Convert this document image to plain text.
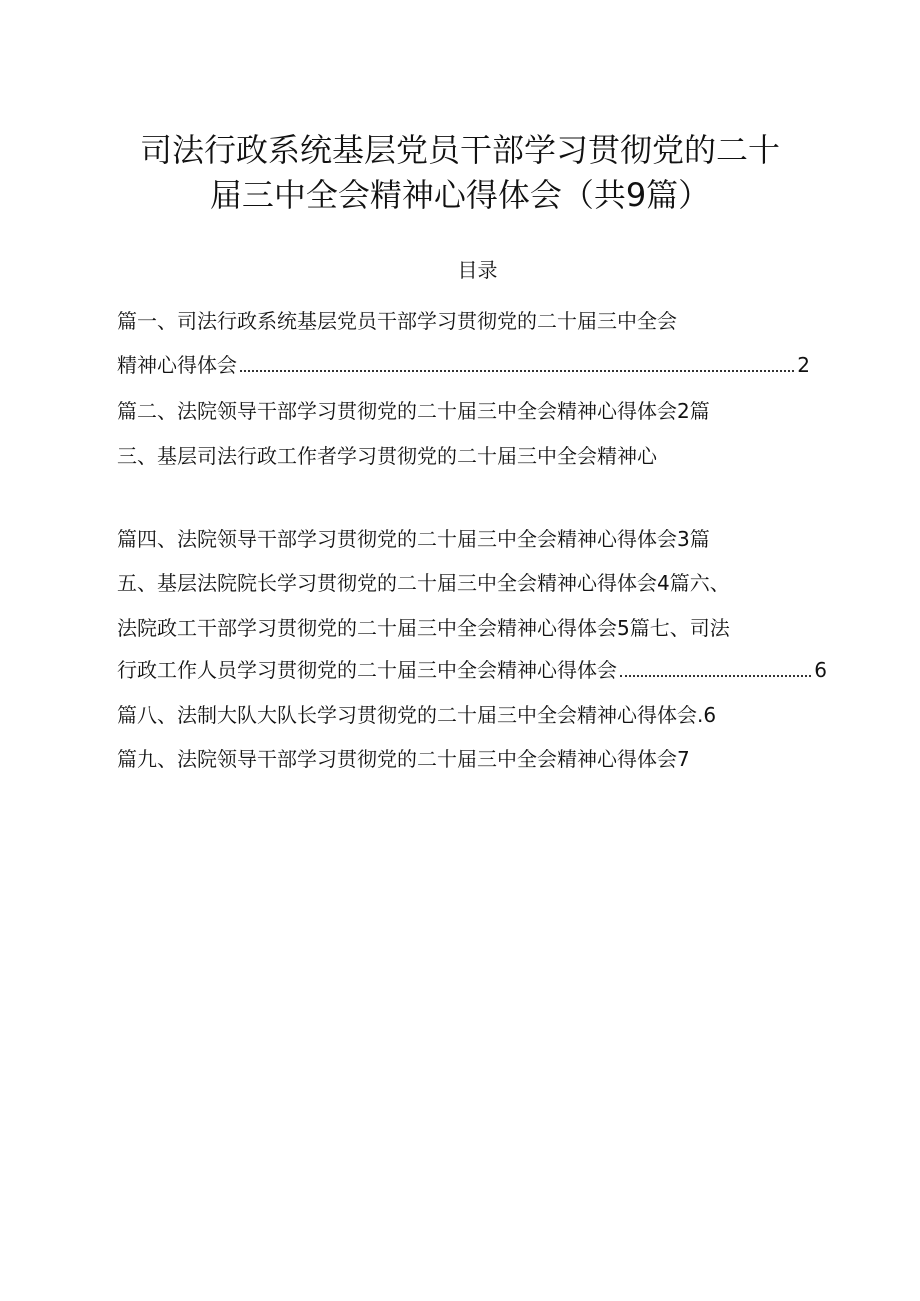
司法行政系统基层党员干部学习贯彻党的二十
届三中全会精神心得体会（共9篇）
目录
篇一、司法行政系统基层党员干部学习贯彻党的二十届三中全会
精神心得体会	2
篇二、法院领导干部学习贯彻党的二十届三中全会精神心得体会2篇
三、基层司法行政工作者学习贯彻党的二十届三中全会精神心
篇四、法院领导干部学习贯彻党的二十届三中全会精神心得体会3篇
五、基层法院院长学习贯彻党的二十届三中全会精神心得体会4篇六、
法院政工干部学习贯彻党的二十届三中全会精神心得体会5篇七、司法
行政工作人员学习贯彻党的二十届三中全会精神心得体会	6
篇八、法制大队大队长学习贯彻党的二十届三中全会精神心得体会 .6
篇九、法院领导干部学习贯彻党的二十届三中全会精神心得体会7
